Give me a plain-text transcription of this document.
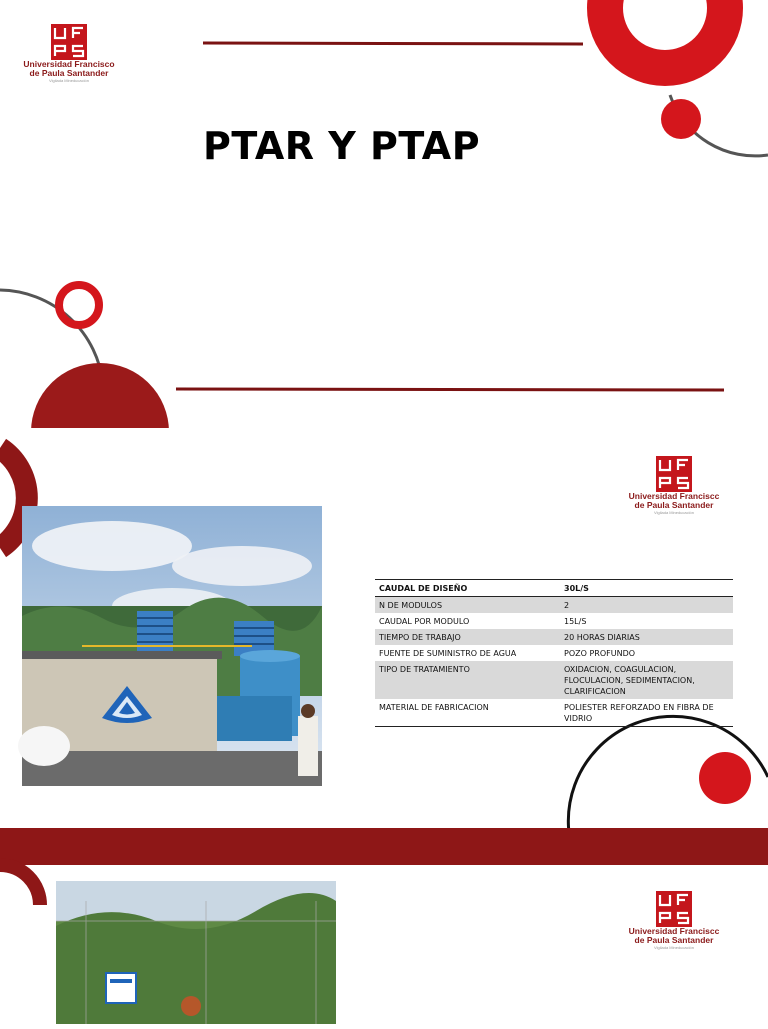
Universidad Francisco
de Paula Santander
Vigilada Mineducación
PTAR Y PTAP
Universidad Franciscc
de Paula Santander
Vigilada Mineducación
CAUDAL DE DISEÑO	30L/S
N DE MODULOS	2
CAUDAL POR MODULO	15L/S
TIEMPO DE TRABAJO	20 HORAS DIARIAS
FUENTE DE SUMINISTRO DE AGUA	POZO PROFUNDO
TIPO DE TRATAMIENTO	OXIDACION, COAGULACION, FLOCULACION, SEDIMENTACION, CLARIFICACION
MATERIAL DE FABRICACION	POLIESTER REFORZADO EN FIBRA DE VIDRIO
Universidad Franciscc
de Paula Santander
Vigilada Mineducación
